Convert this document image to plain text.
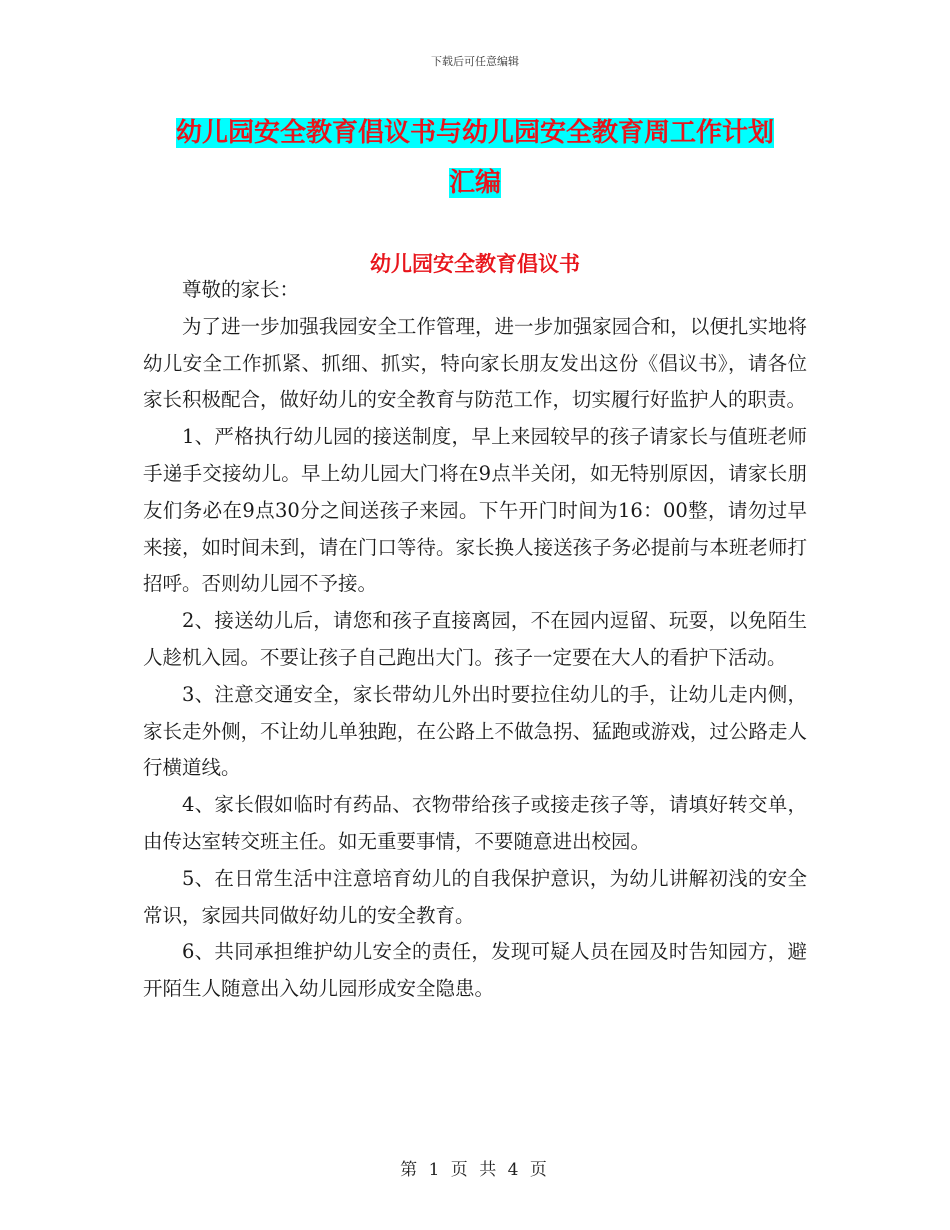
下载后可任意编辑
幼儿园安全教育倡议书与幼儿园安全教育周工作计划
汇编
幼儿园安全教育倡议书

尊敬的家长：

为了进一步加强我园安全工作管理，进一步加强家园合和，以便扎实地将幼儿安全工作抓紧、抓细、抓实，特向家长朋友发出这份《倡议书》，请各位家长积极配合，做好幼儿的安全教育与防范工作，切实履行好监护人的职责。

1、严格执行幼儿园的接送制度，早上来园较早的孩子请家长与值班老师手递手交接幼儿。早上幼儿园大门将在9点半关闭，如无特别原因，请家长朋友们务必在9点30分之间送孩子来园。下午开门时间为16：00整，请勿过早来接，如时间未到，请在门口等待。家长换人接送孩子务必提前与本班老师打招呼。否则幼儿园不予接。

2、接送幼儿后，请您和孩子直接离园，不在园内逗留、玩耍，以免陌生人趁机入园。不要让孩子自己跑出大门。孩子一定要在大人的看护下活动。

3、注意交通安全，家长带幼儿外出时要拉住幼儿的手，让幼儿走内侧，家长走外侧，不让幼儿单独跑，在公路上不做急拐、猛跑或游戏，过公路走人行横道线。

4、家长假如临时有药品、衣物带给孩子或接走孩子等，请填好转交单，由传达室转交班主任。如无重要事情，不要随意进出校园。

5、在日常生活中注意培育幼儿的自我保护意识，为幼儿讲解初浅的安全常识，家园共同做好幼儿的安全教育。

6、共同承担维护幼儿安全的责任，发现可疑人员在园及时告知园方，避开陌生人随意出入幼儿园形成安全隐患。

第 1 页 共 4 页
